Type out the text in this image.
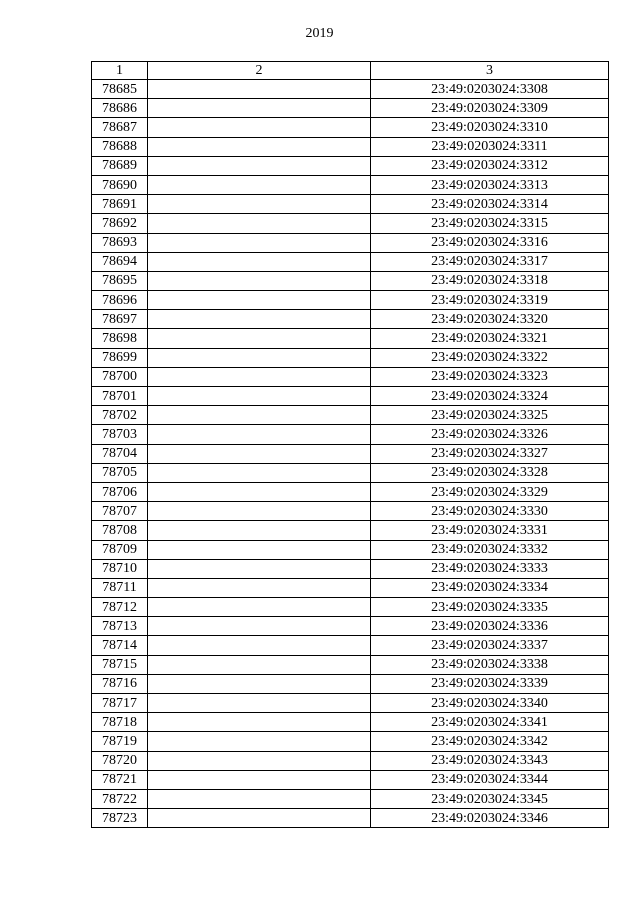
2019
1	2	3
78685		23:49:0203024:3308
78686		23:49:0203024:3309
78687		23:49:0203024:3310
78688		23:49:0203024:3311
78689		23:49:0203024:3312
78690		23:49:0203024:3313
78691		23:49:0203024:3314
78692		23:49:0203024:3315
78693		23:49:0203024:3316
78694		23:49:0203024:3317
78695		23:49:0203024:3318
78696		23:49:0203024:3319
78697		23:49:0203024:3320
78698		23:49:0203024:3321
78699		23:49:0203024:3322
78700		23:49:0203024:3323
78701		23:49:0203024:3324
78702		23:49:0203024:3325
78703		23:49:0203024:3326
78704		23:49:0203024:3327
78705		23:49:0203024:3328
78706		23:49:0203024:3329
78707		23:49:0203024:3330
78708		23:49:0203024:3331
78709		23:49:0203024:3332
78710		23:49:0203024:3333
78711		23:49:0203024:3334
78712		23:49:0203024:3335
78713		23:49:0203024:3336
78714		23:49:0203024:3337
78715		23:49:0203024:3338
78716		23:49:0203024:3339
78717		23:49:0203024:3340
78718		23:49:0203024:3341
78719		23:49:0203024:3342
78720		23:49:0203024:3343
78721		23:49:0203024:3344
78722		23:49:0203024:3345
78723		23:49:0203024:3346
